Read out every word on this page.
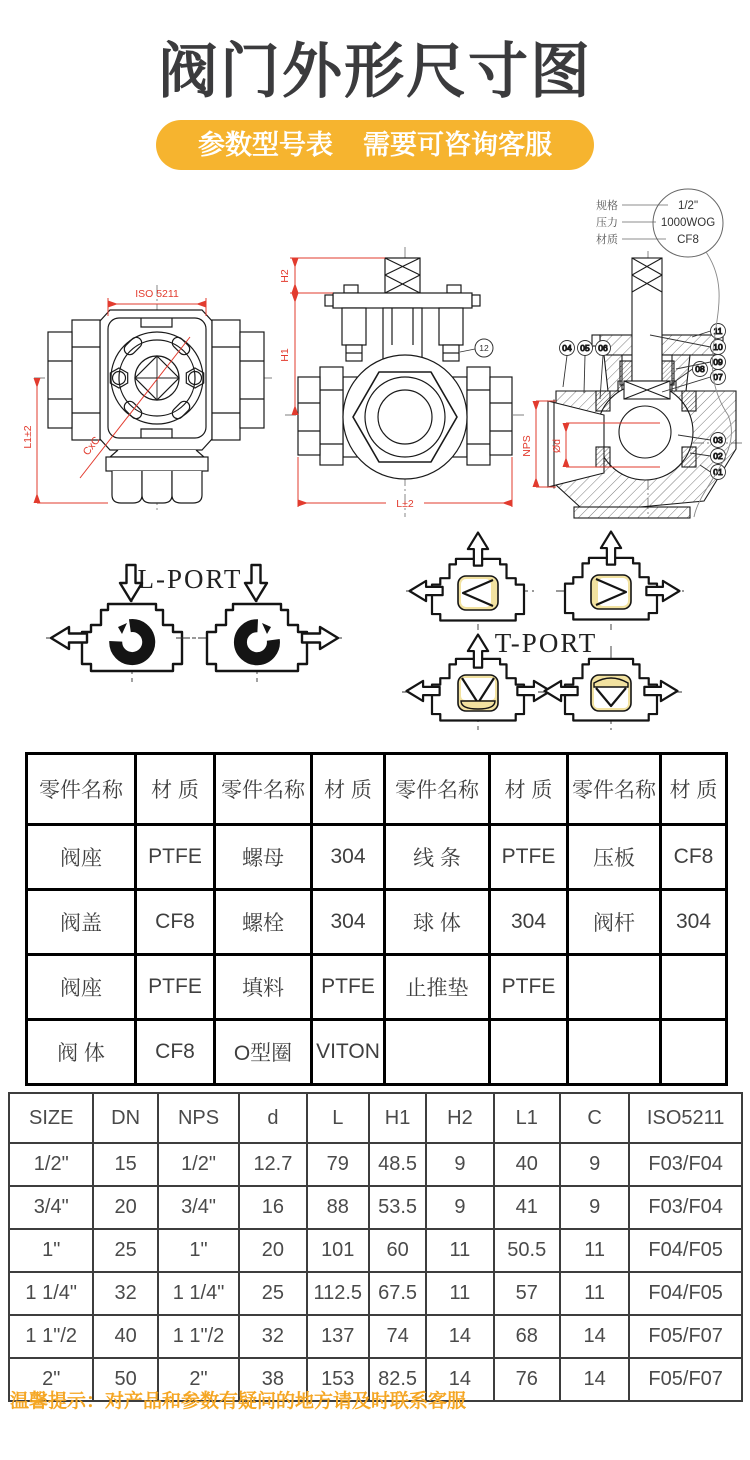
阀门外形尺寸图
参数型号表 需要可咨询客服
ISO 5211
L1±2	CxC
12
H2
H1
L±2
NPS Ød
04 05 06
11
10
09
08
07
03
02
01
规格
压力
材质
1/2"
1000WOG
CF8
L-PORT
T-PORT
零件名称	材 质	零件名称	材 质	零件名称	材 质	零件名称	材 质
阀座	PTFE	螺母	304	线 条	PTFE	压板	CF8
阀盖	CF8	螺栓	304	球 体	304	阀杆	304
阀座	PTFE	填料	PTFE	止推垫	PTFE		
阀 体	CF8	O型圈	VITON				
SIZE	DN	NPS	d	L	H1	H2	L1	C	ISO5211
1/2"	15	1/2"	12.7	79	48.5	9	40	9	F03/F04
3/4"	20	3/4"	16	88	53.5	9	41	9	F03/F04
1"	25	1"	20	101	60	11	50.5	11	F04/F05
1 1/4"	32	1 1/4"	25	112.5	67.5	11	57	11	F04/F05
1 1"/2	40	1 1"/2	32	137	74	14	68	14	F05/F07
2"	50	2"	38	153	82.5	14	76	14	F05/F07
温馨提示：对产品和参数有疑问的地方请及时联系客服
